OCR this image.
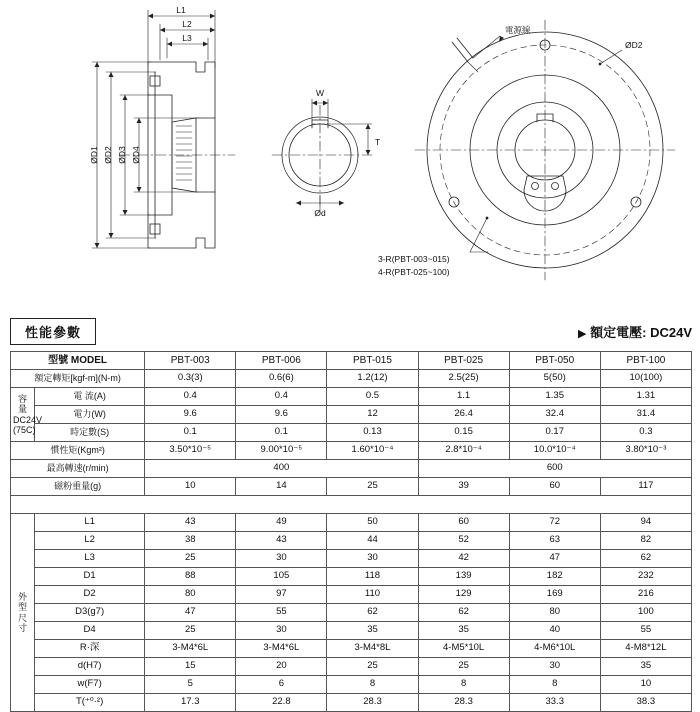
L1
L2
L3
ØD1 ØD2 ØD3 ØD4
W
T
Ød
ØD2
電源線
3-R(PBT-003~015)
4-R(PBT-025~100)
性能參數	▶ 額定電壓: DC24V
型號 MODEL		PBT-003	PBT-006	PBT-015	PBT-025	PBT-050	PBT-100
額定轉矩[kgf-m](N-m)		0.3(3)	0.6(6)	1.2(12)	2.5(25)	5(50)	10(100)
容
量
DC24V
(75C)	電 流(A)	0.4	0.4	0.5	1.1	1.35	1.31
	電力(W)	9.6	9.6	12	26.4	32.4	31.4
	時定數(S)	0.1	0.1	0.13	0.15	0.17	0.3
慣性矩(Kgm²)		3.50*10⁻⁵	9.00*10⁻⁵	1.60*10⁻⁴	2.8*10⁻⁴	10.0*10⁻⁴	3.80*10⁻³
最高轉速(r/min)		400			600		
磁粉重量(g)		10	14	25	39	60	117

外
型
尺
寸	L1	43	49	50	60	72	94
	L2	38	43	44	52	63	82
	L3	25	30	30	42	47	62
	D1	88	105	118	139	182	232
	D2	80	97	110	129	169	216
	D3(g7)	47	55	62	62	80	100
	D4	25	30	35	35	40	55
	R·深	3-M4*6L	3-M4*6L	3-M4*8L	4-M5*10L	4-M6*10L	4-M8*12L
	d(H7)	15	20	25	25	30	35
	w(F7)	5	6	8	8	8	10
	T(⁺⁰·²)	17.3	22.8	28.3	28.3	33.3	38.3
